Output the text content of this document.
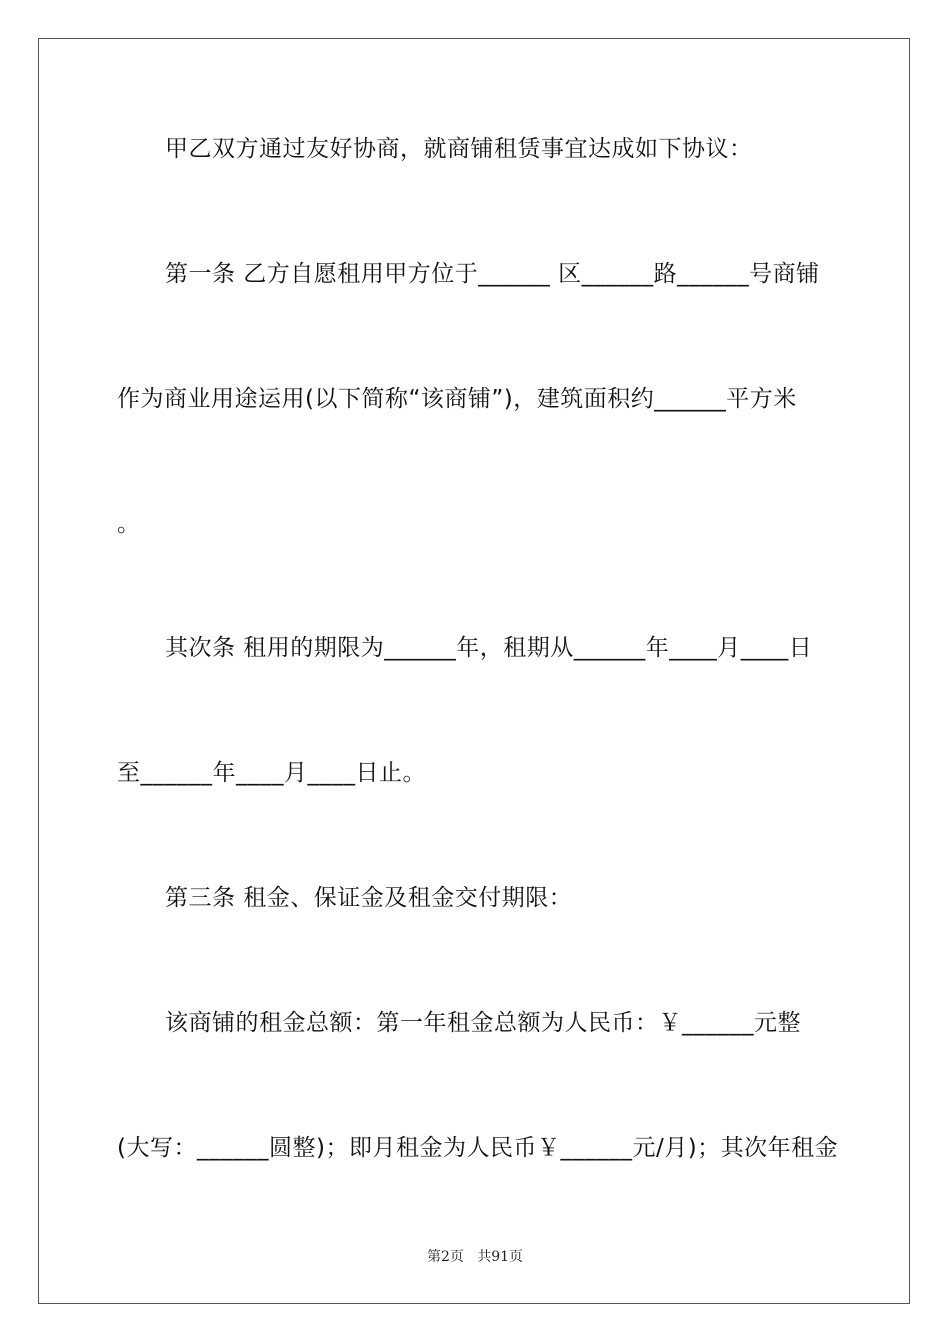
甲乙双方通过友好协商，就商铺租赁事宜达成如下协议：

第一条 乙方自愿租用甲方位于______ 区______路______号商铺

作为商业用途运用(以下简称“该商铺”)，建筑面积约______平方米

。

其次条 租用的期限为______年，租期从______年____月____日

至______年____月____日止。

第三条 租金、保证金及租金交付期限：

该商铺的租金总额：第一年租金总额为人民币：￥______元整

(大写：______圆整)；即月租金为人民币￥______元/月)；其次年租金

第2页   共91页
